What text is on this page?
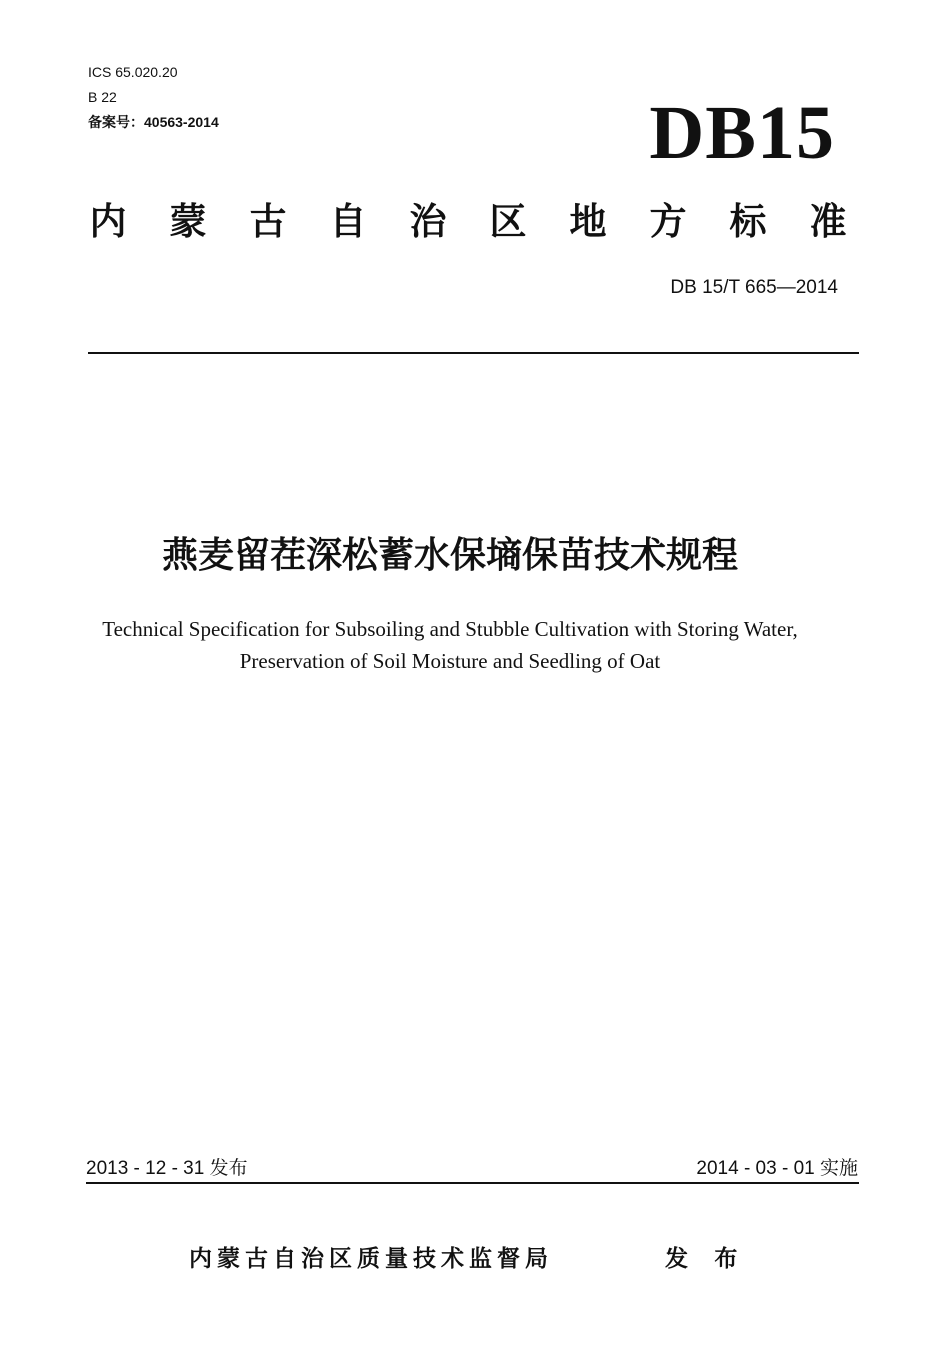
ICS 65.020.20
B 22
备案号：40563-2014	DB15
内 蒙 古 自 治 区 地 方 标 准
DB 15/T 665—2014
燕麦留茬深松蓄水保墒保苗技术规程
Technical Specification for Subsoiling and Stubble Cultivation with Storing Water,
Preservation of Soil Moisture and Seedling of Oat
2013 - 12 - 31 发布	2014 - 03 - 01 实施
内蒙古自治区质量技术监督局	发 布
